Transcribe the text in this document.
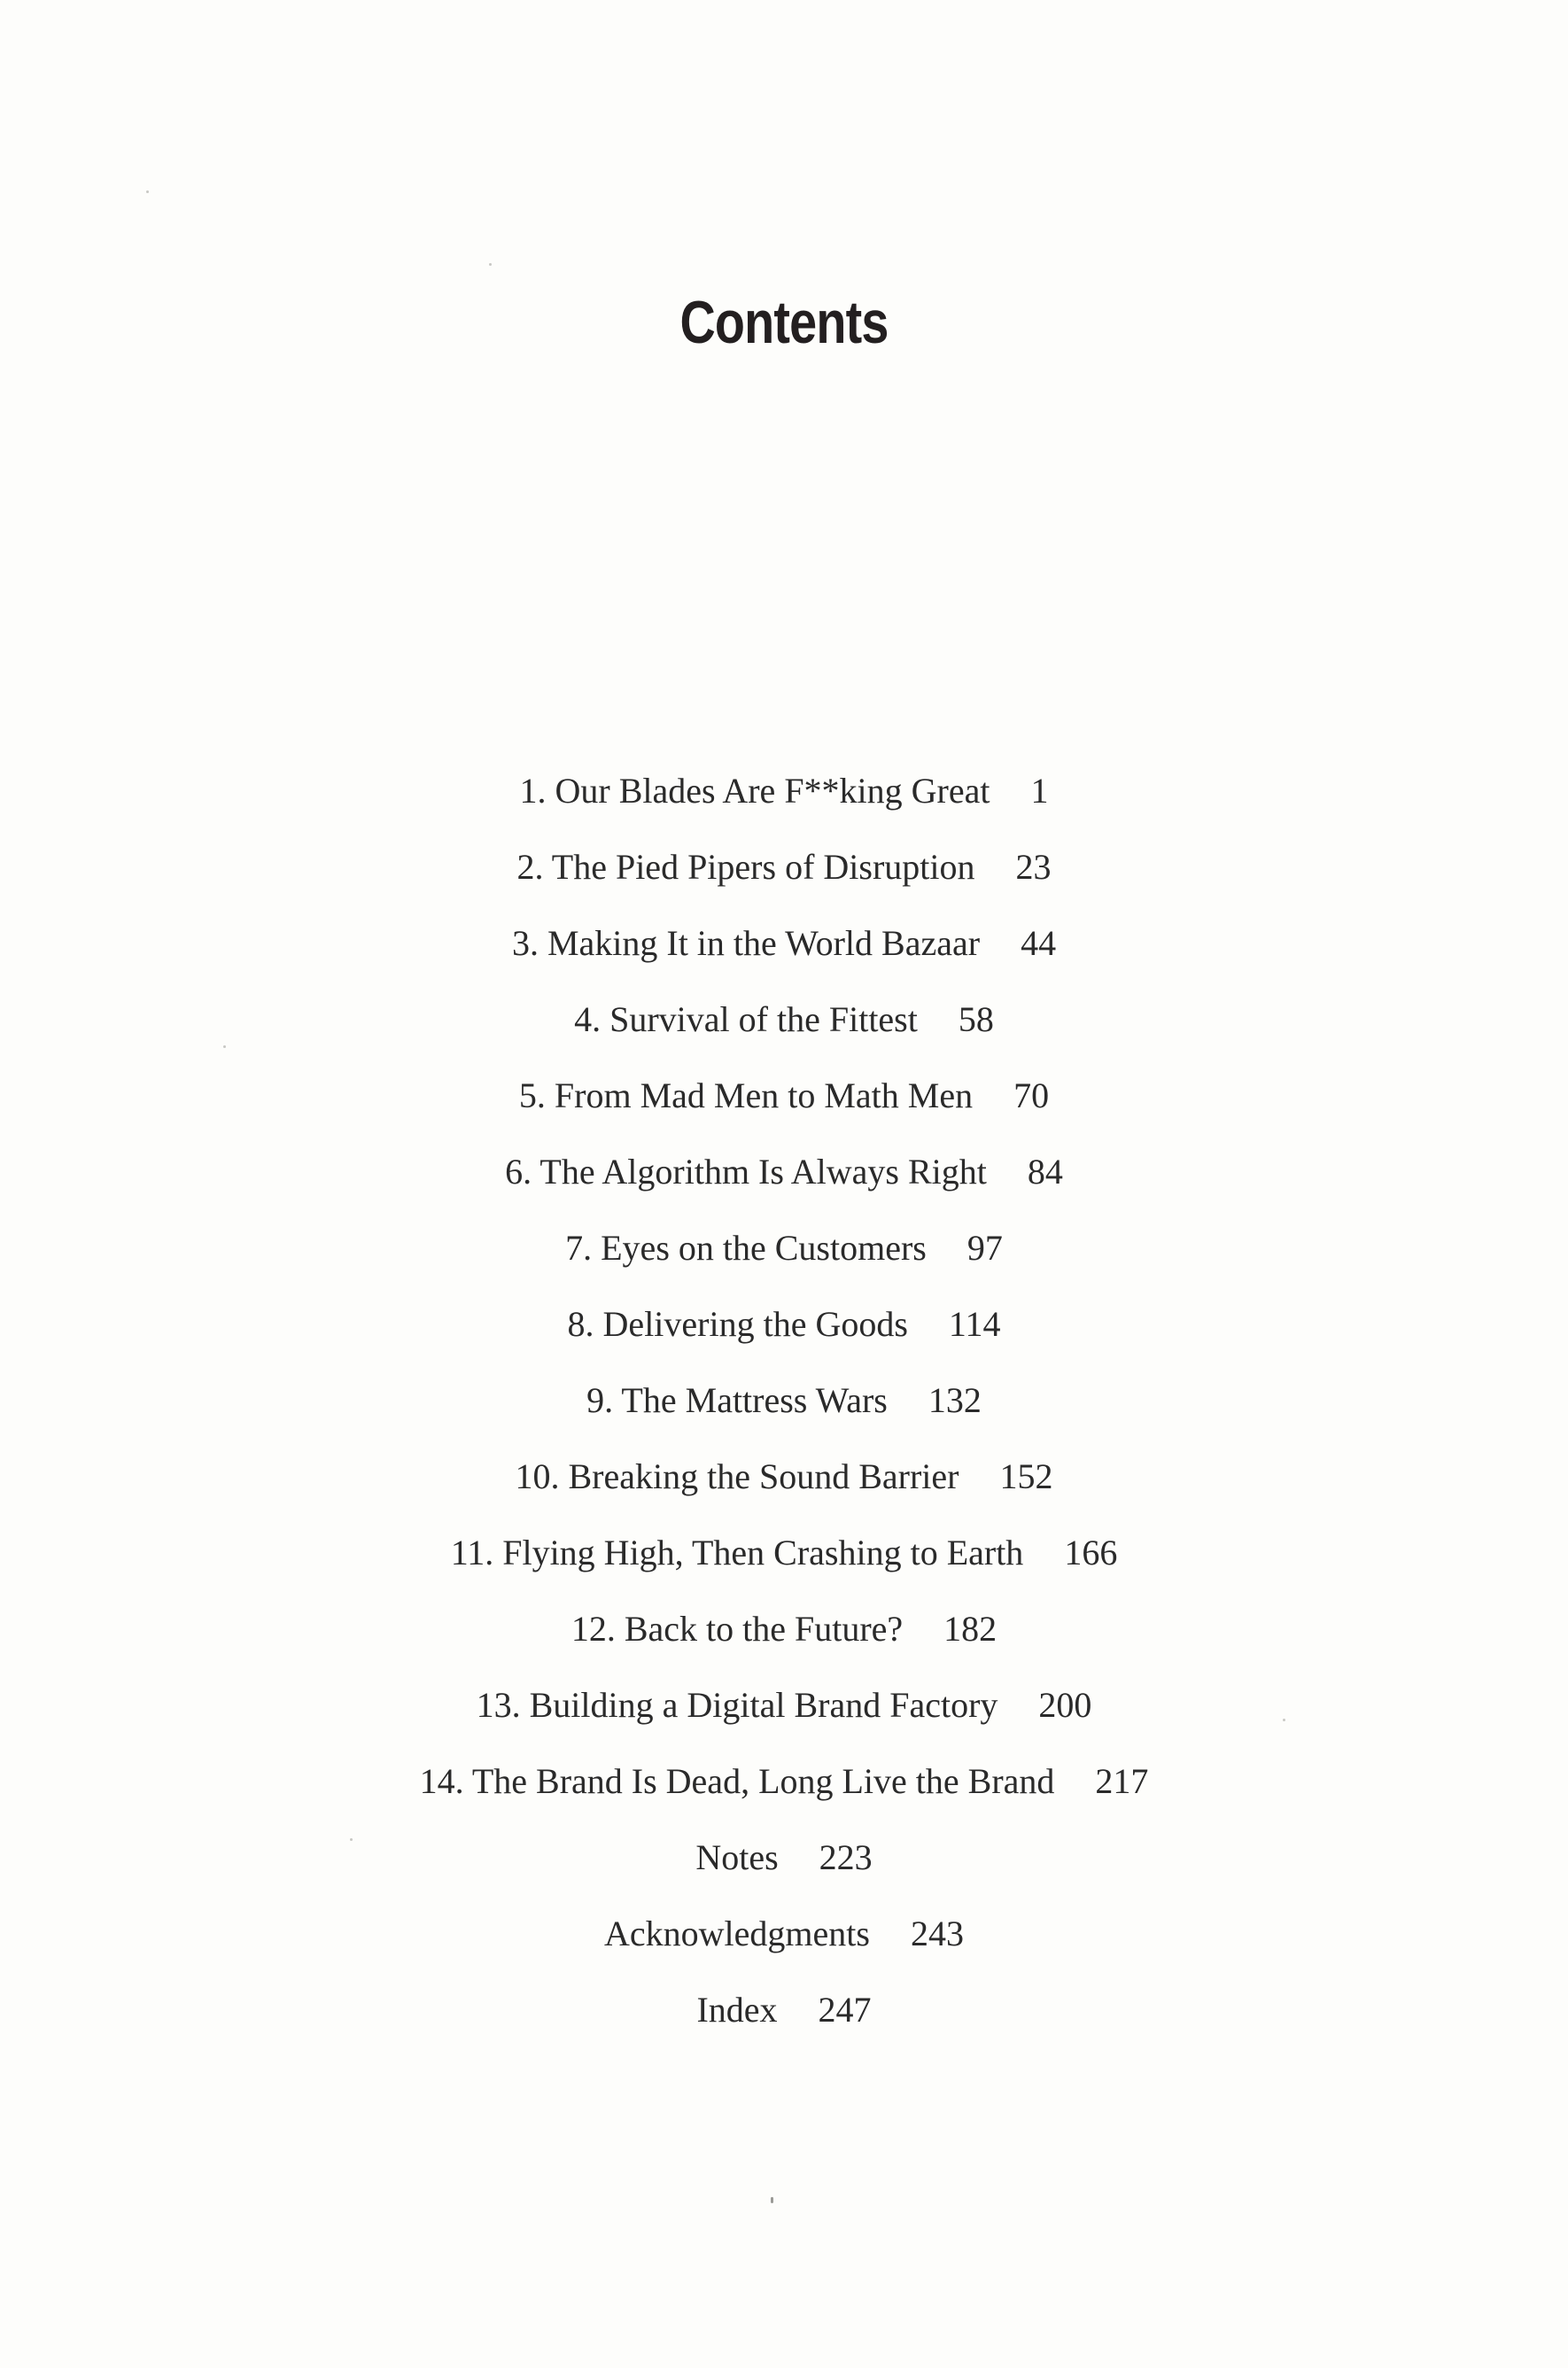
Contents
1. Our Blades Are F**king Great 1
2. The Pied Pipers of Disruption 23
3. Making It in the World Bazaar 44
4. Survival of the Fittest 58
5. From Mad Men to Math Men 70
6. The Algorithm Is Always Right 84
7. Eyes on the Customers 97
8. Delivering the Goods 114
9. The Mattress Wars 132
10. Breaking the Sound Barrier 152
11. Flying High, Then Crashing to Earth 166
12. Back to the Future? 182
13. Building a Digital Brand Factory 200
14. The Brand Is Dead, Long Live the Brand 217
Notes 223
Acknowledgments 243
Index 247
